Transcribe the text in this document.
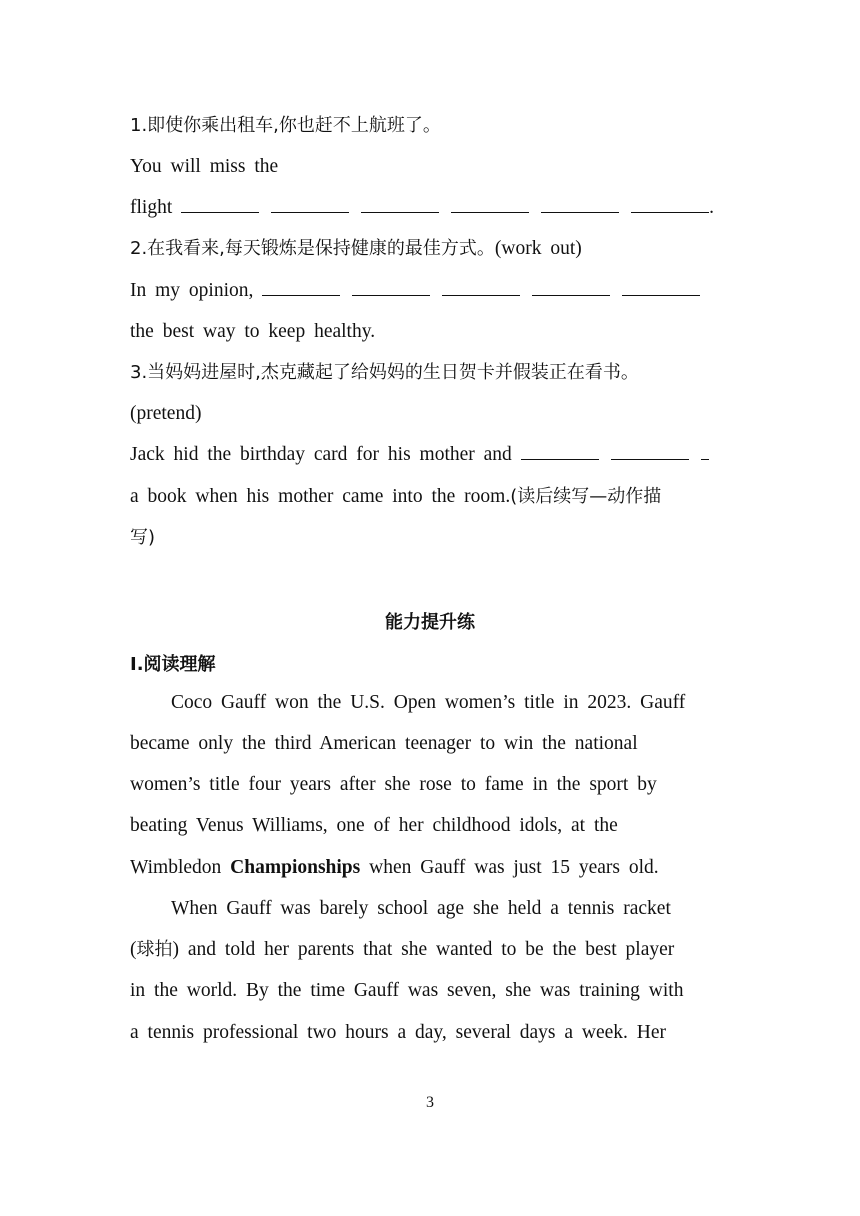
1.即使你乘出租车,你也赶不上航班了。
You will miss the
flight	.
2.在我看来,每天锻炼是保持健康的最佳方式。(work out)
In my opinion,
the best way to keep healthy.
3.当妈妈进屋时,杰克藏起了给妈妈的生日贺卡并假装正在看书。
(pretend)
Jack hid the birthday card for his mother and
a book when his mother came into the room.(读后续写—动作描
写)
能力提升练
Ⅰ.阅读理解
Coco Gauff won the U.S. Open women’s title in 2023. Gauff
became only the third American teenager to win the national
women’s title four years after she rose to fame in the sport by
beating Venus Williams, one of her childhood idols, at the
Wimbledon Championships when Gauff was just 15 years old.
When Gauff was barely school age she held a tennis racket
(球拍) and told her parents that she wanted to be the best player
in the world. By the time Gauff was seven, she was training with
a tennis professional two hours a day, several days a week. Her
3
